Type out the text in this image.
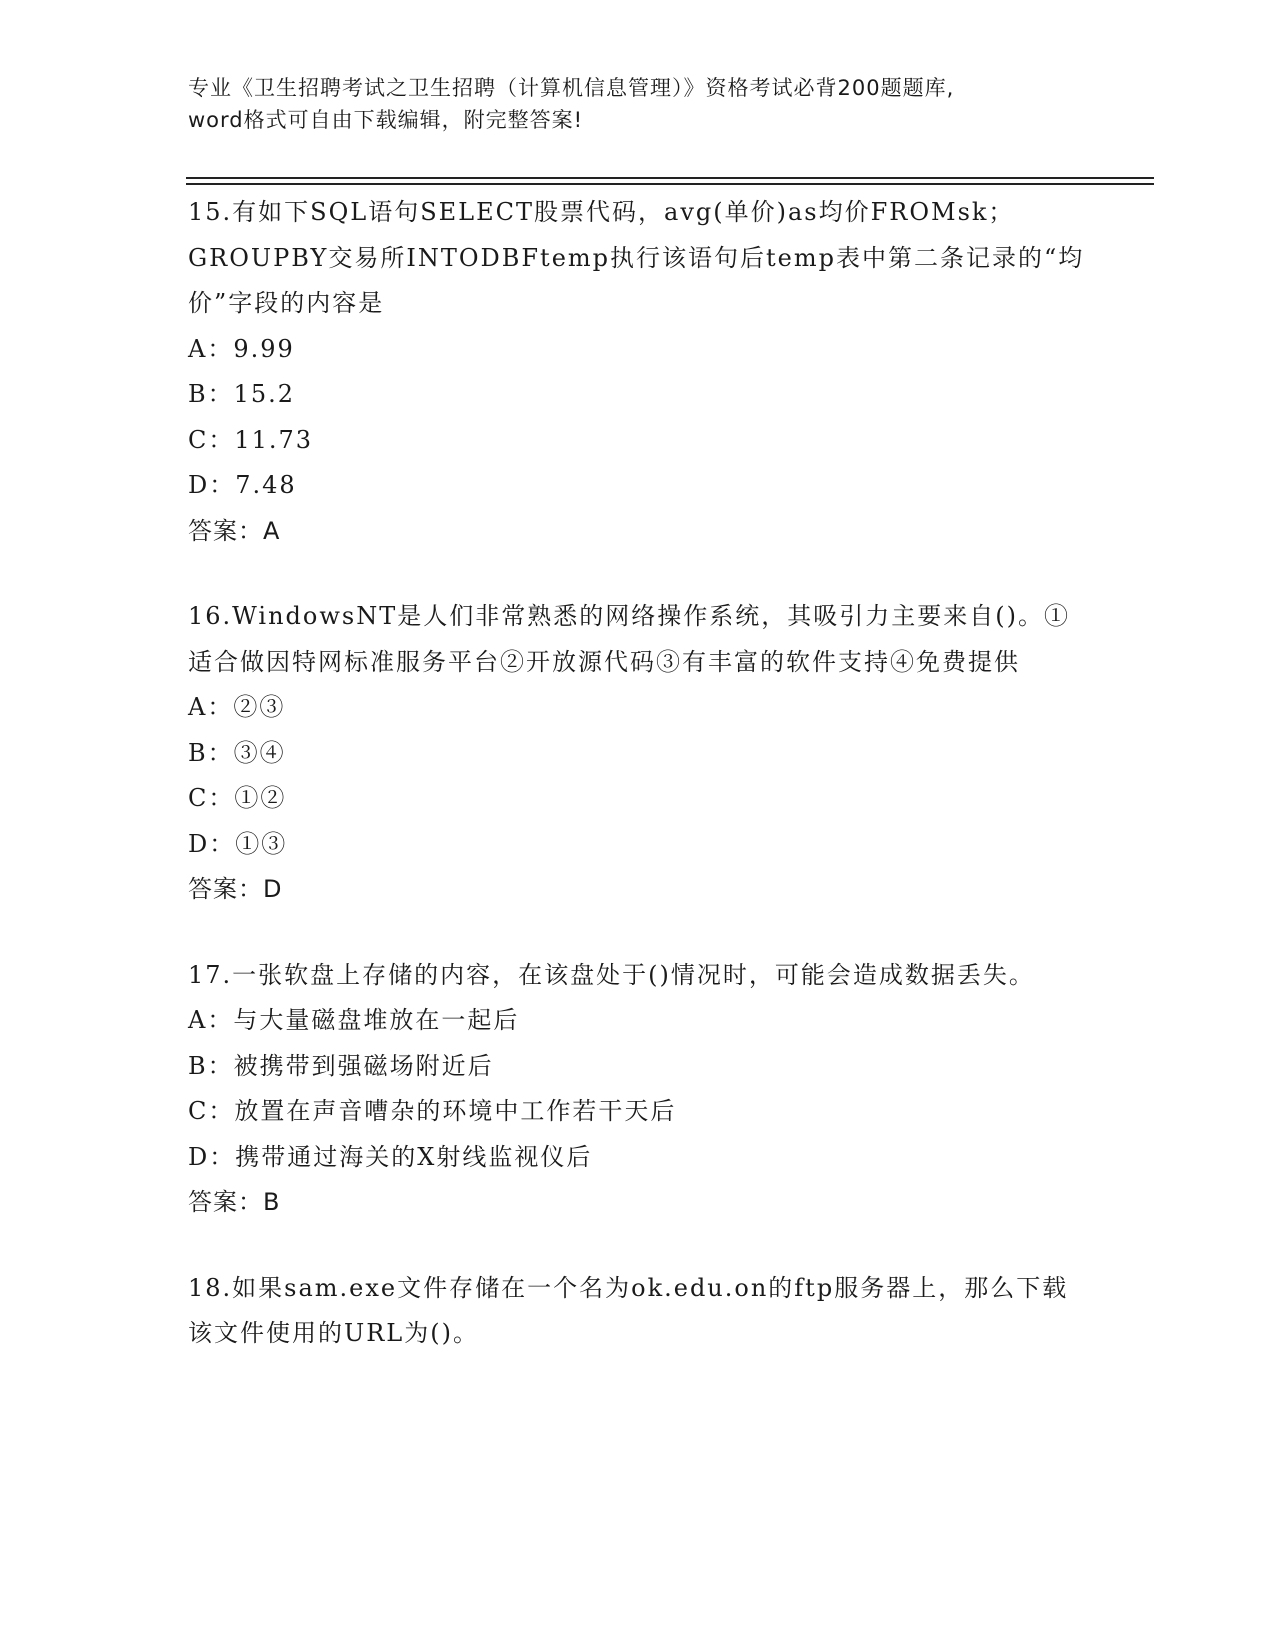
专业《卫生招聘考试之卫生招聘（计算机信息管理）》资格考试必背200题题库,
word格式可自由下载编辑，附完整答案!
15.有如下SQL语句SELECT股票代码，avg(单价)as均价FROMsk；GROUPBY交易所INTODBFtemp执行该语句后temp表中第二条记录的“均价”字段的内容是
A：9.99
B：15.2
C：11.73
D：7.48
答案：A
16.WindowsNT是人们非常熟悉的网络操作系统，其吸引力主要来自()。①适合做因特网标准服务平台②开放源代码③有丰富的软件支持④免费提供
A：②③
B：③④
C：①②
D：①③
答案：D
17.一张软盘上存储的内容，在该盘处于()情况时，可能会造成数据丢失。
A：与大量磁盘堆放在一起后
B：被携带到强磁场附近后
C：放置在声音嘈杂的环境中工作若干天后
D：携带通过海关的X射线监视仪后
答案：B
18.如果sam.exe文件存储在一个名为ok.edu.on的ftp服务器上，那么下载该文件使用的URL为()。
